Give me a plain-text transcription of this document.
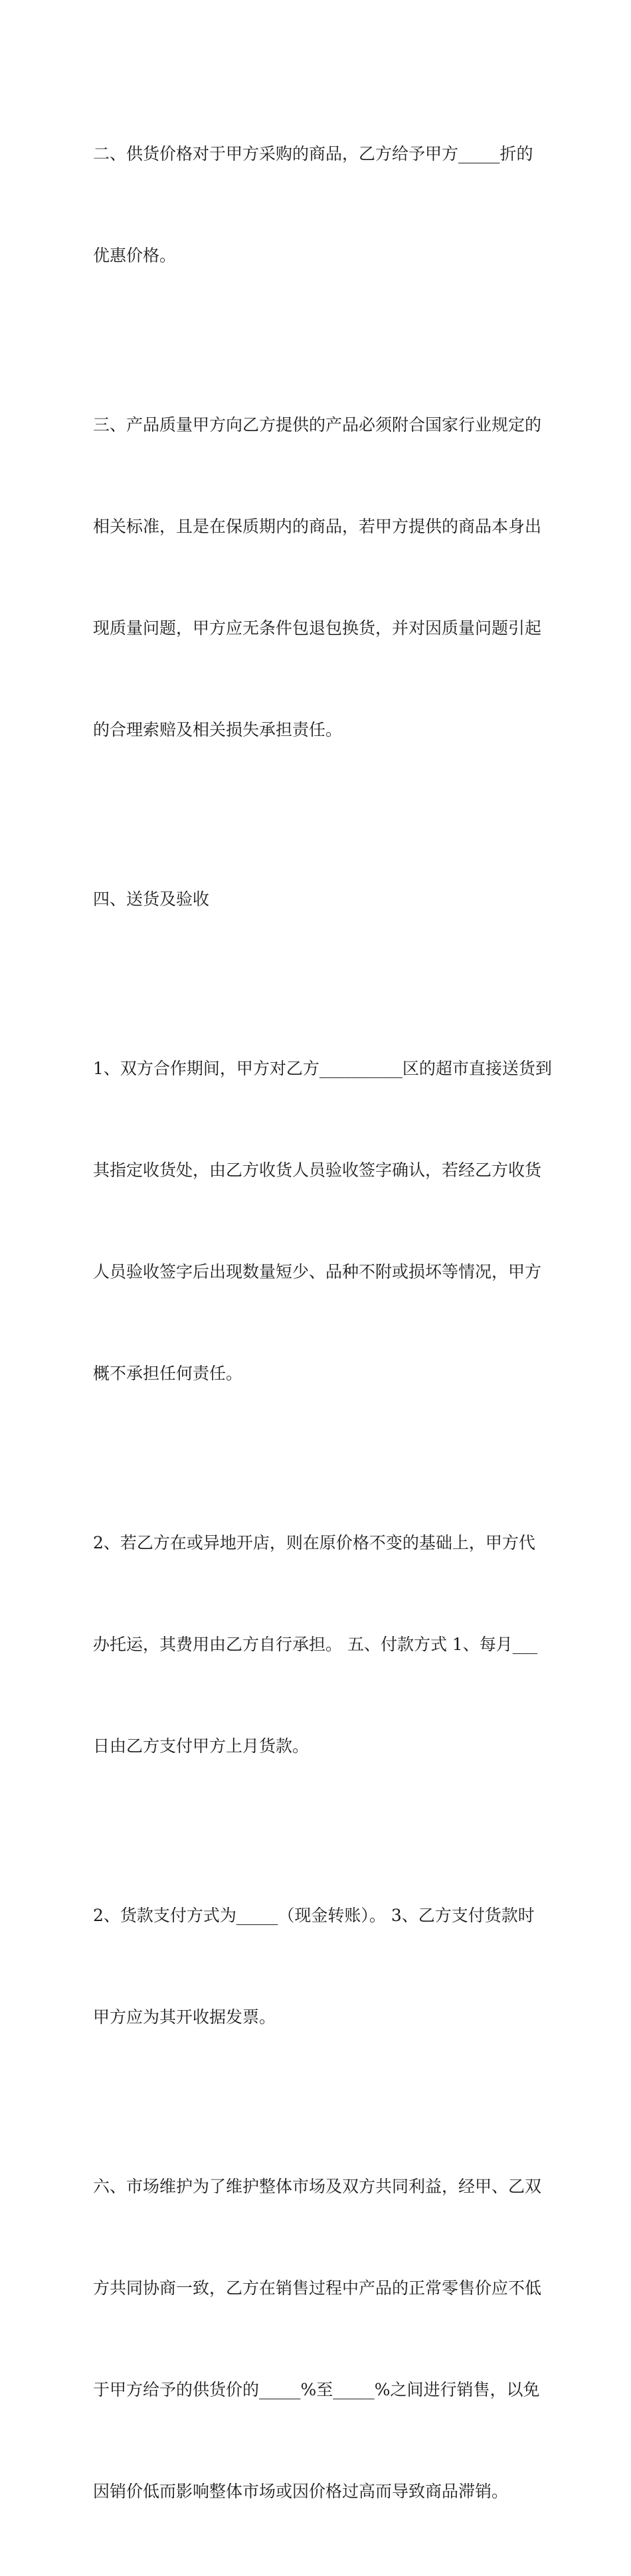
二、供货价格对于甲方采购的商品，乙方给予甲方_____折的

优惠价格。

三、产品质量甲方向乙方提供的产品必须附合国家行业规定的

相关标准，且是在保质期内的商品，若甲方提供的商品本身出

现质量问题，甲方应无条件包退包换货，并对因质量问题引起

的合理索赔及相关损失承担责任。

四、送货及验收

1、双方合作期间，甲方对乙方__________区的超市直接送货到

其指定收货处，由乙方收货人员验收签字确认，若经乙方收货

人员验收签字后出现数量短少、品种不附或损坏等情况，甲方

概不承担任何责任。

2、若乙方在或异地开店，则在原价格不变的基础上，甲方代

办托运，其费用由乙方自行承担。 五、付款方式 1、每月___

日由乙方支付甲方上月货款。

2、货款支付方式为_____（现金转账）。 3、乙方支付货款时

甲方应为其开收据发票。

六、市场维护为了维护整体市场及双方共同利益，经甲、乙双

方共同协商一致，乙方在销售过程中产品的正常零售价应不低

于甲方给予的供货价的_____%至_____%之间进行销售，以免

因销价低而影响整体市场或因价格过高而导致商品滞销。
